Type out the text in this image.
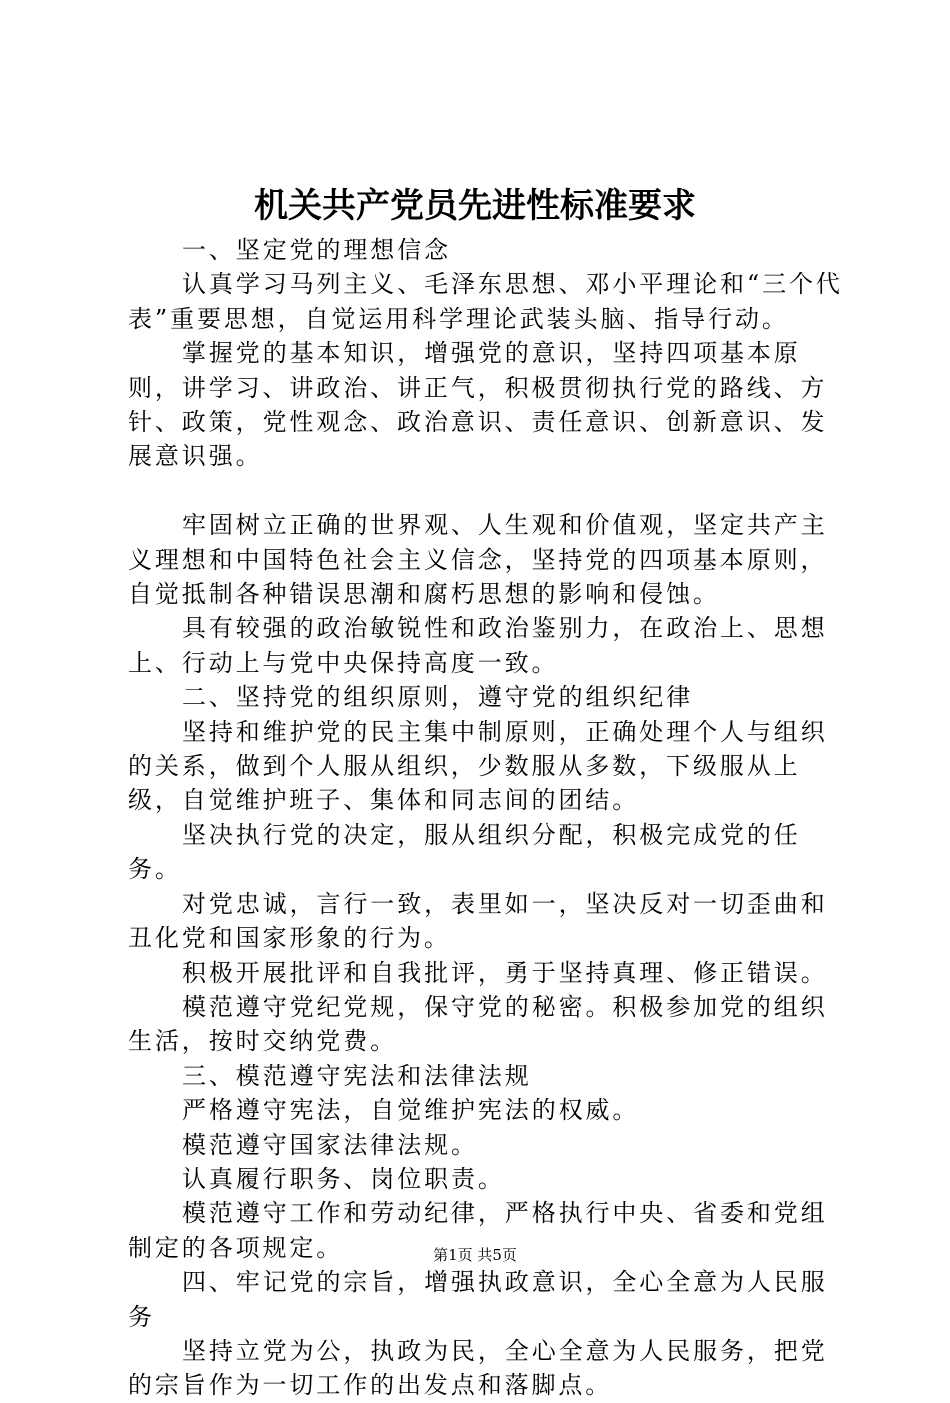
机关共产党员先进性标准要求

一、坚定党的理想信念

认真学习马列主义、毛泽东思想、邓小平理论和“三个代表”重要思想，自觉运用科学理论武装头脑、指导行动。

掌握党的基本知识，增强党的意识，坚持四项基本原则，讲学习、讲政治、讲正气，积极贯彻执行党的路线、方针、政策，党性观念、政治意识、责任意识、创新意识、发展意识强。

牢固树立正确的世界观、人生观和价值观，坚定共产主义理想和中国特色社会主义信念，坚持党的四项基本原则，自觉抵制各种错误思潮和腐朽思想的影响和侵蚀。

具有较强的政治敏锐性和政治鉴别力，在政治上、思想上、行动上与党中央保持高度一致。

二、坚持党的组织原则，遵守党的组织纪律

坚持和维护党的民主集中制原则，正确处理个人与组织的关系，做到个人服从组织，少数服从多数，下级服从上级，自觉维护班子、集体和同志间的团结。

坚决执行党的决定，服从组织分配，积极完成党的任务。

对党忠诚，言行一致，表里如一，坚决反对一切歪曲和丑化党和国家形象的行为。

积极开展批评和自我批评，勇于坚持真理、修正错误。

模范遵守党纪党规，保守党的秘密。积极参加党的组织生活，按时交纳党费。

三、模范遵守宪法和法律法规

严格遵守宪法，自觉维护宪法的权威。

模范遵守国家法律法规。

认真履行职务、岗位职责。

模范遵守工作和劳动纪律，严格执行中央、省委和党组制定的各项规定。

四、牢记党的宗旨，增强执政意识，全心全意为人民服务

坚持立党为公，执政为民，全心全意为人民服务，把党的宗旨作为一切工作的出发点和落脚点。

第1页 共5页
